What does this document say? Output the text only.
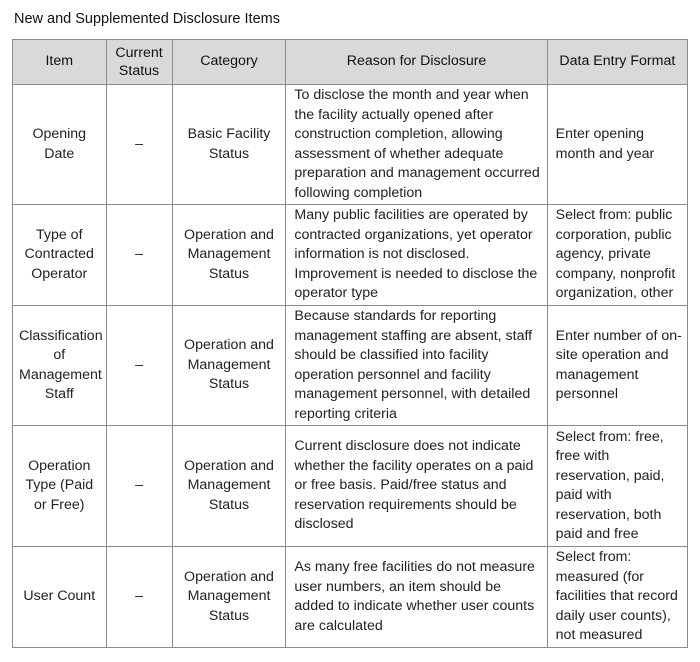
New and Supplemented Disclosure Items
Item	Current Status	Category	Reason for Disclosure	Data Entry Format
Opening Date	–	Basic Facility Status	To disclose the month and year when the facility actually opened after construction completion, allowing assessment of whether adequate preparation and management occurred following completion	Enter opening month and year
Type of Contracted Operator	–	Operation and Management Status	Many public facilities are operated by contracted organizations, yet operator information is not disclosed. Improvement is needed to disclose the operator type	Select from: public corporation, public agency, private company, nonprofit organization, other
Classification of Management Staff	–	Operation and Management Status	Because standards for reporting management staffing are absent, staff should be classified into facility operation personnel and facility management personnel, with detailed reporting criteria	Enter number of on-site operation and management personnel
Operation Type (Paid or Free)	–	Operation and Management Status	Current disclosure does not indicate whether the facility operates on a paid or free basis. Paid/free status and reservation requirements should be disclosed	Select from: free, free with reservation, paid, paid with reservation, both paid and free
User Count	–	Operation and Management Status	As many free facilities do not measure user numbers, an item should be added to indicate whether user counts are calculated	Select from: measured (for facilities that record daily user counts), not measured
